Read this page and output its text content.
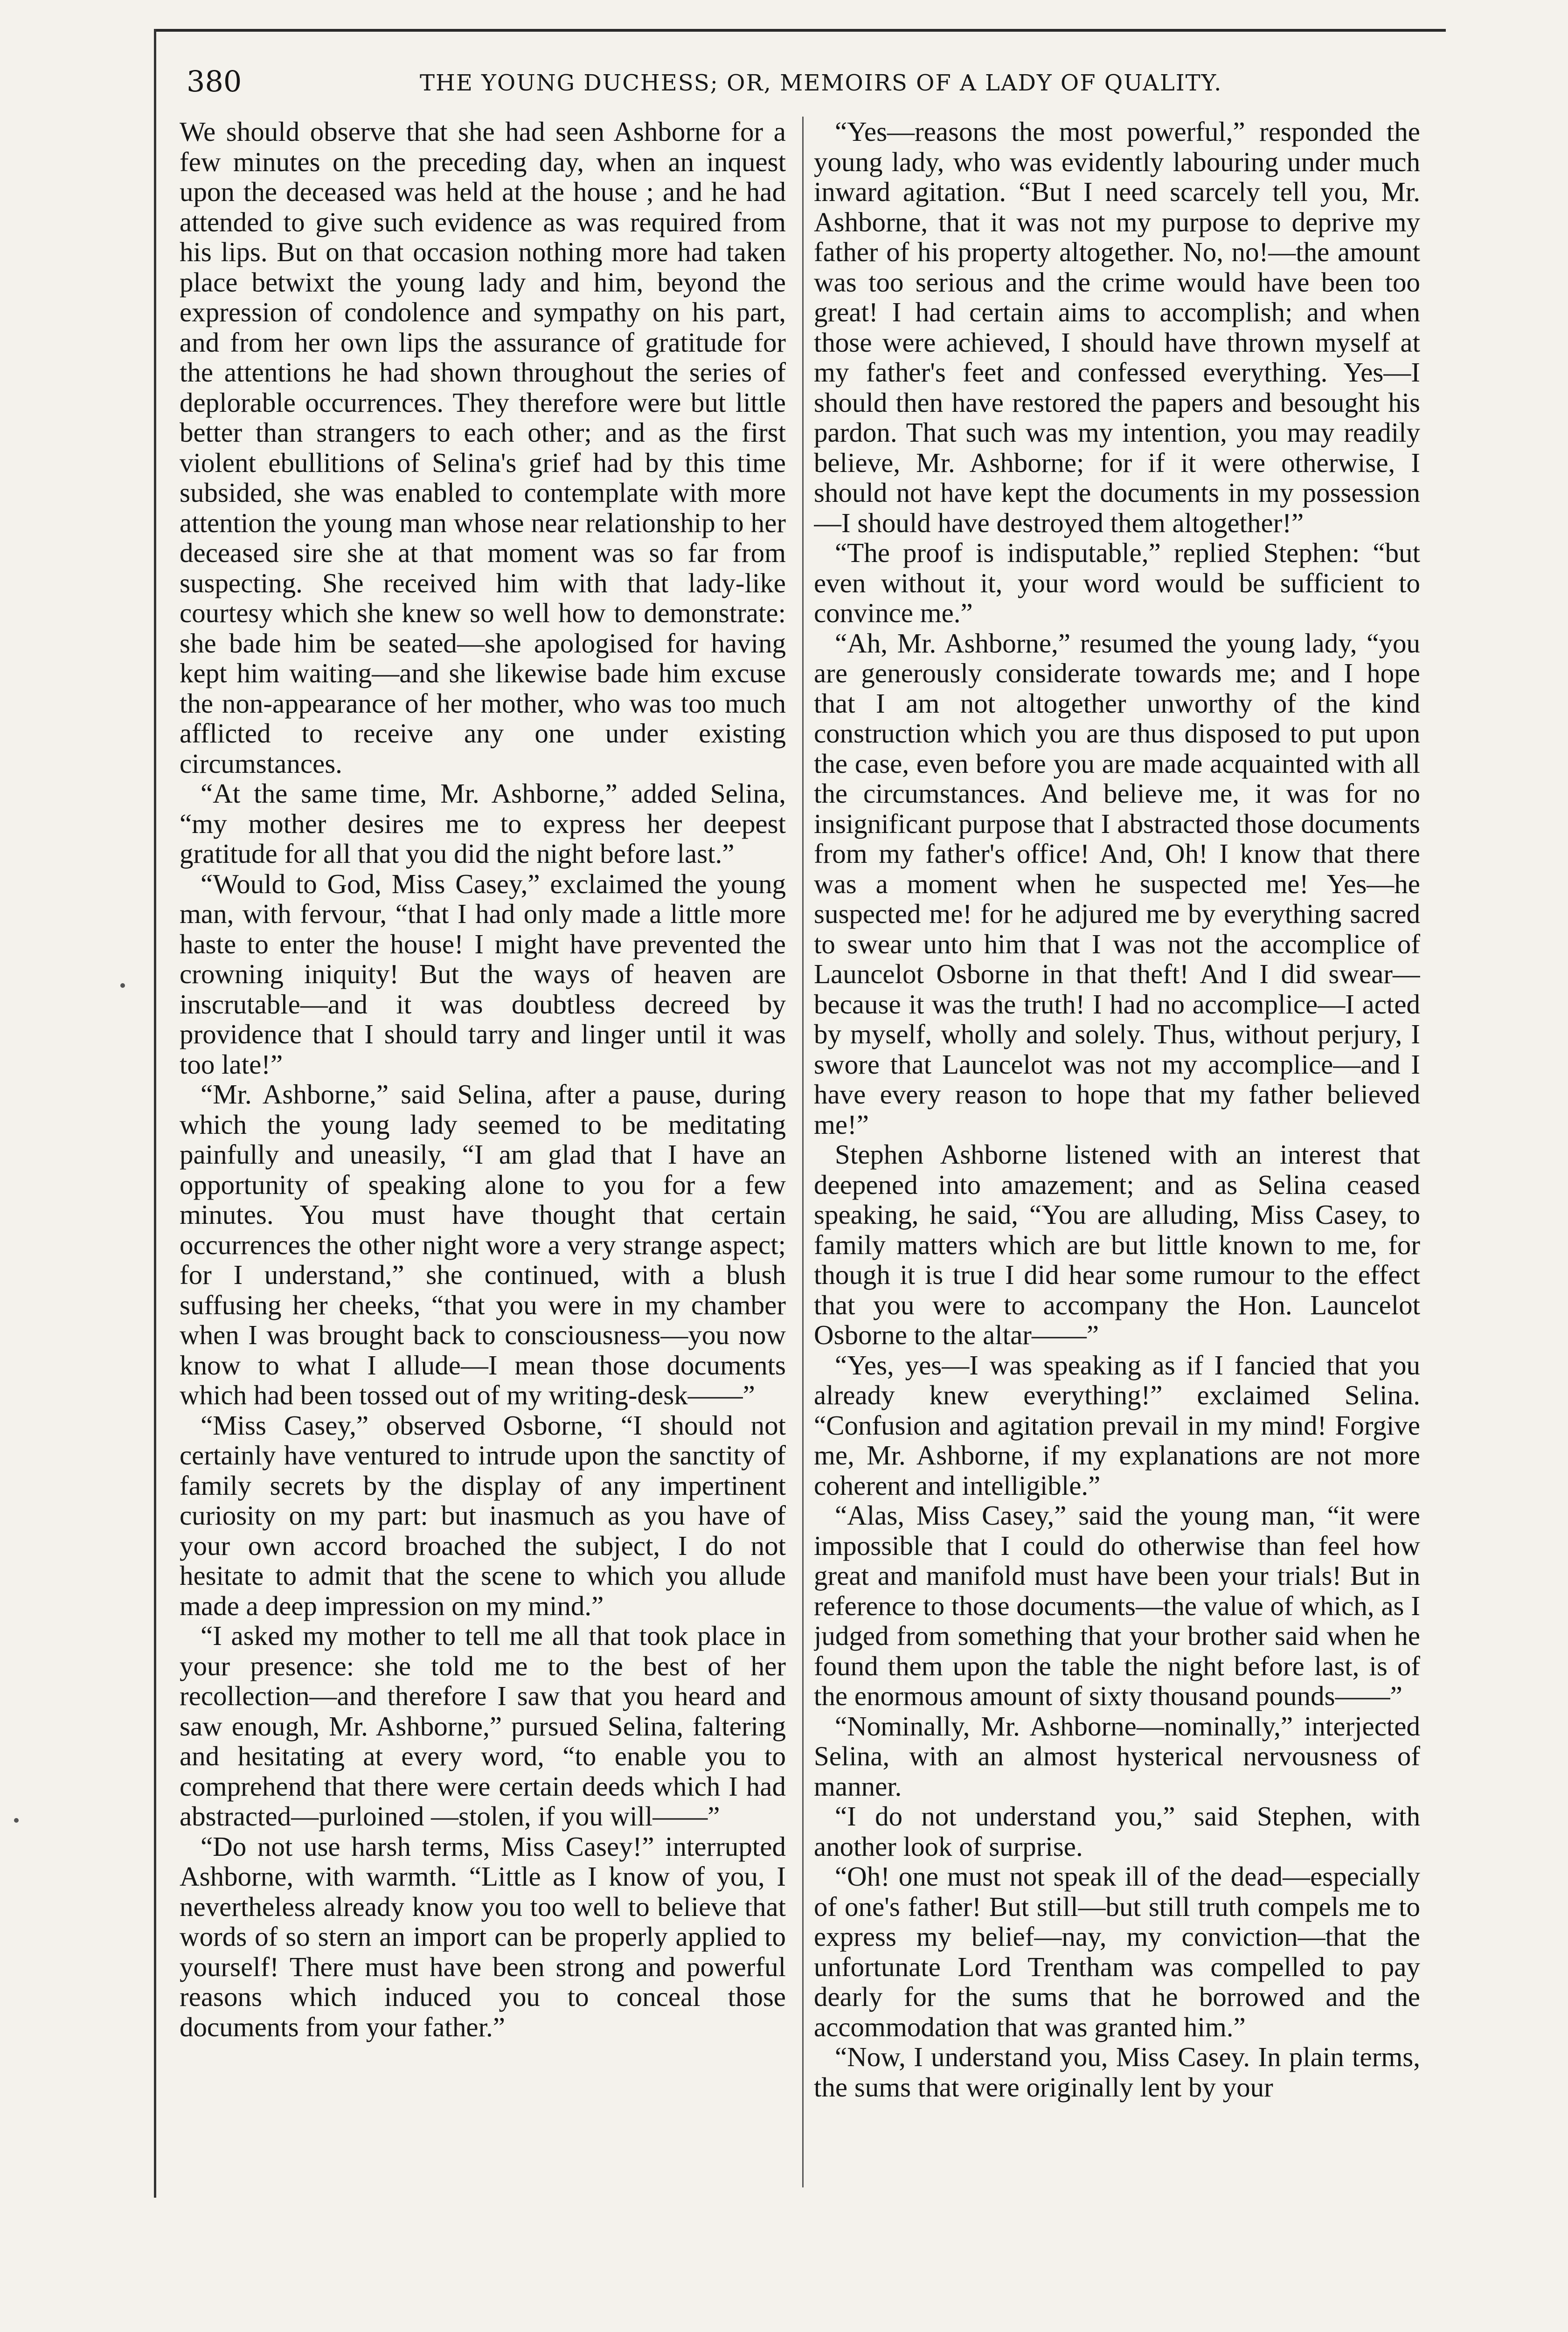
380	THE YOUNG DUCHESS; OR, MEMOIRS OF A LADY OF QUALITY.

We should observe that she had seen Ashborne for a few minutes on the preceding day, when an inquest upon the deceased was held at the house ; and he had attended to give such evidence as was required from his lips. But on that occasion nothing more had taken place betwixt the young lady and him, beyond the expression of condolence and sympathy on his part, and from her own lips the assurance of gratitude for the attentions he had shown throughout the series of deplorable occurrences. They therefore were but little better than strangers to each other; and as the first violent ebullitions of Selina's grief had by this time subsided, she was enabled to contemplate with more attention the young man whose near relationship to her deceased sire she at that moment was so far from suspecting. She received him with that lady-like courtesy which she knew so well how to demonstrate: she bade him be seated—she apologised for having kept him waiting—and she likewise bade him excuse the non-appearance of her mother, who was too much afflicted to receive any one under existing circumstances.

“At the same time, Mr. Ashborne,” added Selina, “my mother desires me to express her deepest gratitude for all that you did the night before last.”

“Would to God, Miss Casey,” exclaimed the young man, with fervour, “that I had only made a little more haste to enter the house! I might have prevented the crowning iniquity! But the ways of heaven are inscrutable—and it was doubtless decreed by providence that I should tarry and linger until it was too late!”

“Mr. Ashborne,” said Selina, after a pause, during which the young lady seemed to be meditating painfully and uneasily, “I am glad that I have an opportunity of speaking alone to you for a few minutes. You must have thought that certain occurrences the other night wore a very strange aspect; for I understand,” she continued, with a blush suffusing her cheeks, “that you were in my chamber when I was brought back to consciousness—you now know to what I allude—I mean those documents which had been tossed out of my writing-desk——”

“Miss Casey,” observed Osborne, “I should not certainly have ventured to intrude upon the sanctity of family secrets by the display of any impertinent curiosity on my part: but inasmuch as you have of your own accord broached the subject, I do not hesitate to admit that the scene to which you allude made a deep impression on my mind.”

“I asked my mother to tell me all that took place in your presence: she told me to the best of her recollection—and therefore I saw that you heard and saw enough, Mr. Ashborne,” pursued Selina, faltering and hesitating at every word, “to enable you to comprehend that there were certain deeds which I had abstracted—purloined —stolen, if you will——”

“Do not use harsh terms, Miss Casey!” interrupted Ashborne, with warmth. “Little as I know of you, I nevertheless already know you too well to believe that words of so stern an import can be properly applied to yourself! There must have been strong and powerful reasons which induced you to conceal those documents from your father.”

“Yes—reasons the most powerful,” responded the young lady, who was evidently labouring under much inward agitation. “But I need scarcely tell you, Mr. Ashborne, that it was not my purpose to deprive my father of his property altogether. No, no!—the amount was too serious and the crime would have been too great! I had certain aims to accomplish; and when those were achieved, I should have thrown myself at my father's feet and confessed everything. Yes—I should then have restored the papers and besought his pardon. That such was my intention, you may readily believe, Mr. Ashborne; for if it were otherwise, I should not have kept the documents in my possession—I should have destroyed them altogether!”

“The proof is indisputable,” replied Stephen: “but even without it, your word would be sufficient to convince me.”

“Ah, Mr. Ashborne,” resumed the young lady, “you are generously considerate towards me; and I hope that I am not altogether unworthy of the kind construction which you are thus disposed to put upon the case, even before you are made acquainted with all the circumstances. And believe me, it was for no insignificant purpose that I abstracted those documents from my father's office! And, Oh! I know that there was a moment when he suspected me! Yes—he suspected me! for he adjured me by everything sacred to swear unto him that I was not the accomplice of Launcelot Osborne in that theft! And I did swear—because it was the truth! I had no accomplice—I acted by myself, wholly and solely. Thus, without perjury, I swore that Launcelot was not my accomplice—and I have every reason to hope that my father believed me!”

Stephen Ashborne listened with an interest that deepened into amazement; and as Selina ceased speaking, he said, “You are alluding, Miss Casey, to family matters which are but little known to me, for though it is true I did hear some rumour to the effect that you were to accompany the Hon. Launcelot Osborne to the altar——”

“Yes, yes—I was speaking as if I fancied that you already knew everything!” exclaimed Selina. “Confusion and agitation prevail in my mind! Forgive me, Mr. Ashborne, if my explanations are not more coherent and intelligible.”

“Alas, Miss Casey,” said the young man, “it were impossible that I could do otherwise than feel how great and manifold must have been your trials! But in reference to those documents—the value of which, as I judged from something that your brother said when he found them upon the table the night before last, is of the enormous amount of sixty thousand pounds——”

“Nominally, Mr. Ashborne—nominally,” interjected Selina, with an almost hysterical nervousness of manner.

“I do not understand you,” said Stephen, with another look of surprise.

“Oh! one must not speak ill of the dead—especially of one's father! But still—but still truth compels me to express my belief—nay, my conviction—that the unfortunate Lord Trentham was compelled to pay dearly for the sums that he borrowed and the accommodation that was granted him.”

“Now, I understand you, Miss Casey. In plain terms, the sums that were originally lent by your
